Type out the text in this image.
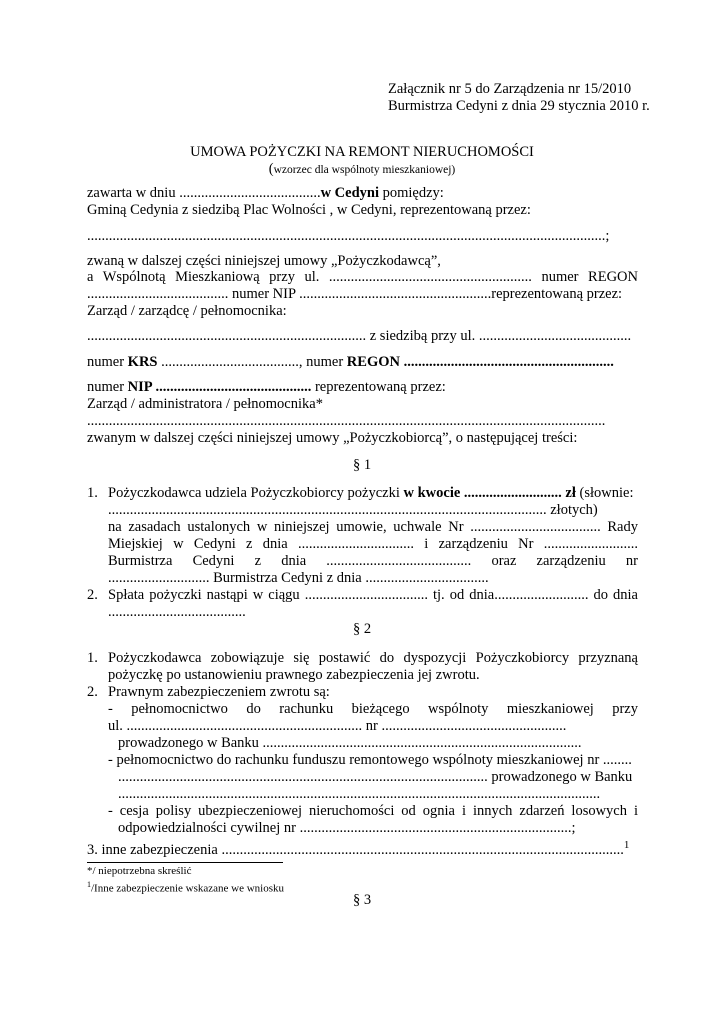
Załącznik nr 5 do Zarządzenia nr 15/2010
Burmistrza Cedyni z dnia 29 stycznia 2010 r.
UMOWA POŻYCZKI NA REMONT NIERUCHOMOŚCI
(wzorzec dla wspólnoty mieszkaniowej)
zawarta w dniu .......................................w Cedyni pomiędzy:
Gminą Cedynia z siedzibą Plac Wolności , w Cedyni, reprezentowaną przez:
...............................................................................................................................................;
zwaną w dalszej części niniejszej umowy „Pożyczkodawcą”,
a Wspólnotą Mieszkaniową przy ul. ........................................................ numer REGON
....................................... numer NIP .....................................................reprezentowaną przez:
Zarząd / zarządcę / pełnomocnika:
............................................................................. z siedzibą przy ul. ..........................................
numer KRS ......................................, numer REGON ..........................................................
numer NIP ........................................... reprezentowaną przez:
Zarząd / administratora / pełnomocnika*
...............................................................................................................................................
zwanym w dalszej części niniejszej umowy „Pożyczkobiorcą”, o następującej treści:
§ 1
1. Pożyczkodawca udziela Pożyczkobiorcy pożyczki w kwocie ........................... zł (słownie:
......................................................................................................................... złotych)
na zasadach ustalonych w niniejszej umowie, uchwale Nr .................................... Rady
Miejskiej w Cedyni z dnia ................................ i zarządzeniu Nr ..........................
Burmistrza Cedyni z dnia ........................................ oraz zarządzeniu nr
............................ Burmistrza Cedyni z dnia ..................................
2. Spłata pożyczki nastąpi w ciągu .................................. tj. od dnia.......................... do dnia
......................................
§ 2
1. Pożyczkodawca zobowiązuje się postawić do dyspozycji Pożyczkobiorcy przyznaną
pożyczkę po ustanowieniu prawnego zabezpieczenia jej zwrotu.
2. Prawnym zabezpieczeniem zwrotu są:
- pełnomocnictwo do rachunku bieżącego wspólnoty mieszkaniowej przy
ul. ................................................................. nr ...................................................
prowadzonego w Banku ........................................................................................
- pełnomocnictwo do rachunku funduszu remontowego wspólnoty mieszkaniowej nr ........
...................................................................................................... prowadzonego w Banku
.....................................................................................................................................
- cesja polisy ubezpieczeniowej nieruchomości od ognia i innych zdarzeń losowych i
odpowiedzialności cywilnej nr ...........................................................................;
3. inne zabezpieczenia ...............................................................................................................$^1$
*/ niepotrzebna skreślić
$^1$/Inne zabezpieczenie wskazane we wniosku
§ 3
